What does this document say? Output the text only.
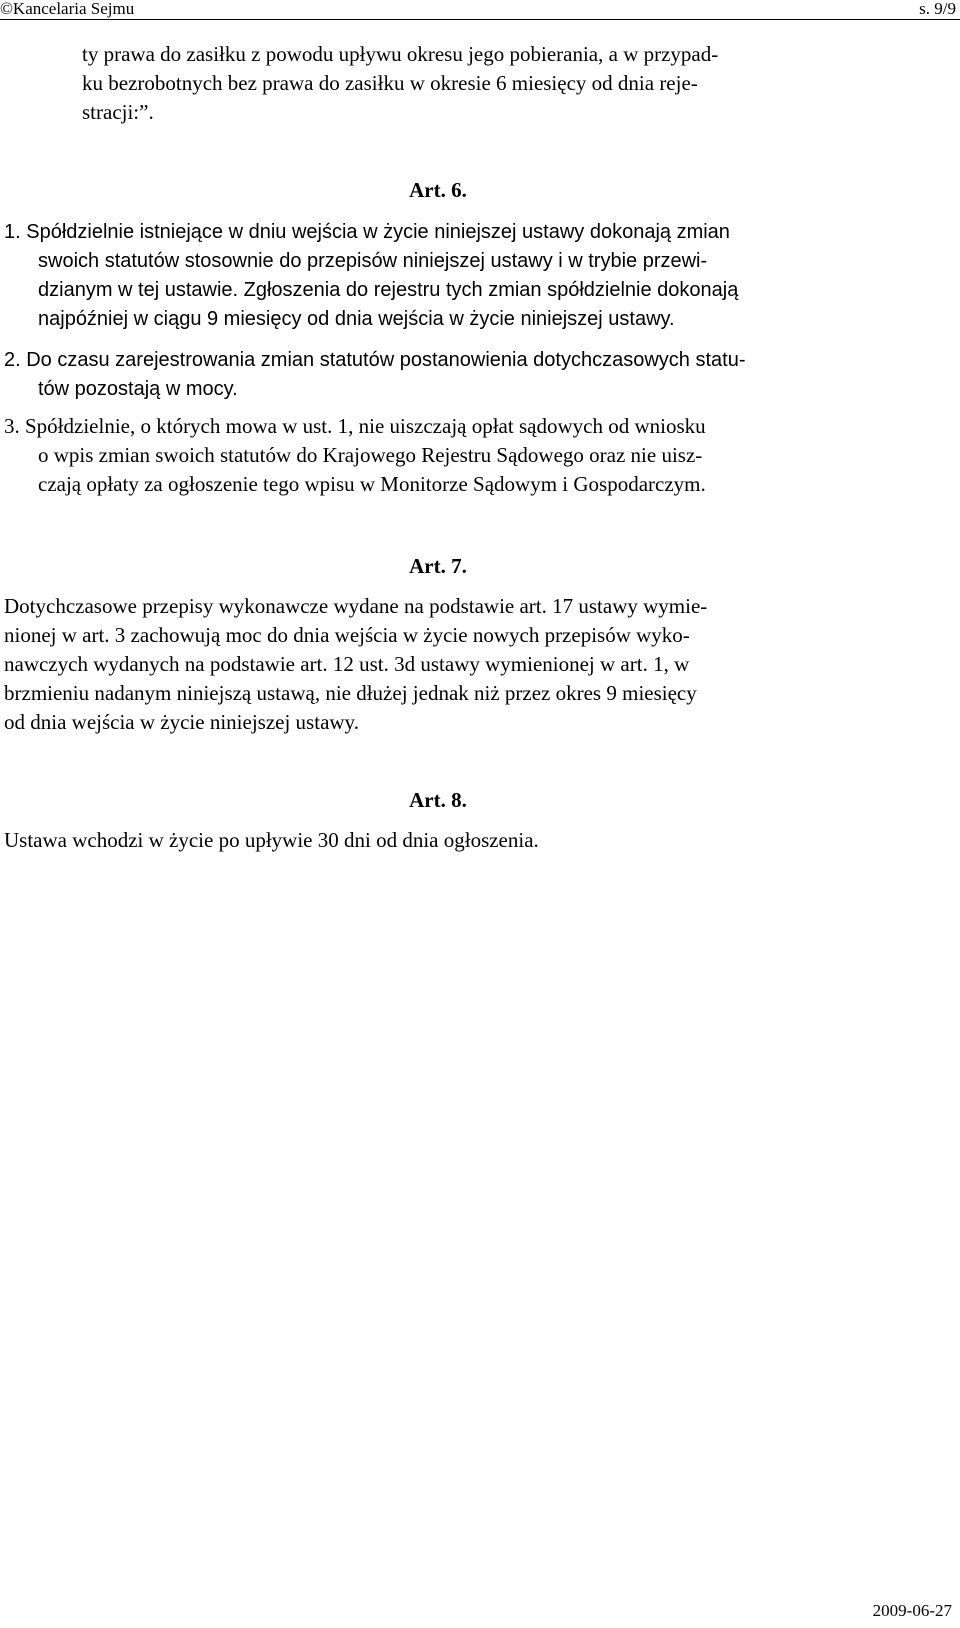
©Kancelaria Sejmu	s. 9/9
ty prawa do zasiłku z powodu upływu okresu jego pobierania, a w przypad-
ku bezrobotnych bez prawa do zasiłku w okresie 6 miesięcy od dnia reje-
stracji:”.
Art. 6.
1. Spółdzielnie istniejące w dniu wejścia w życie niniejszej ustawy dokonają zmian
swoich statutów stosownie do przepisów niniejszej ustawy i w trybie przewi-
dzianym w tej ustawie. Zgłoszenia do rejestru tych zmian spółdzielnie dokonają
najpóźniej w ciągu 9 miesięcy od dnia wejścia w życie niniejszej ustawy.
2. Do czasu zarejestrowania zmian statutów postanowienia dotychczasowych statu-
tów pozostają w mocy.
3. Spółdzielnie, o których mowa w ust. 1, nie uiszczają opłat sądowych od wniosku
o wpis zmian swoich statutów do Krajowego Rejestru Sądowego oraz nie uisz-
czają opłaty za ogłoszenie tego wpisu w Monitorze Sądowym i Gospodarczym.
Art. 7.
Dotychczasowe przepisy wykonawcze wydane na podstawie art. 17 ustawy wymie-
nionej w art. 3 zachowują moc do dnia wejścia w życie nowych przepisów wyko-
nawczych wydanych na podstawie art. 12 ust. 3d ustawy wymienionej w art. 1, w
brzmieniu nadanym niniejszą ustawą, nie dłużej jednak niż przez okres 9 miesięcy
od dnia wejścia w życie niniejszej ustawy.
Art. 8.
Ustawa wchodzi w życie po upływie 30 dni od dnia ogłoszenia.
2009-06-27
